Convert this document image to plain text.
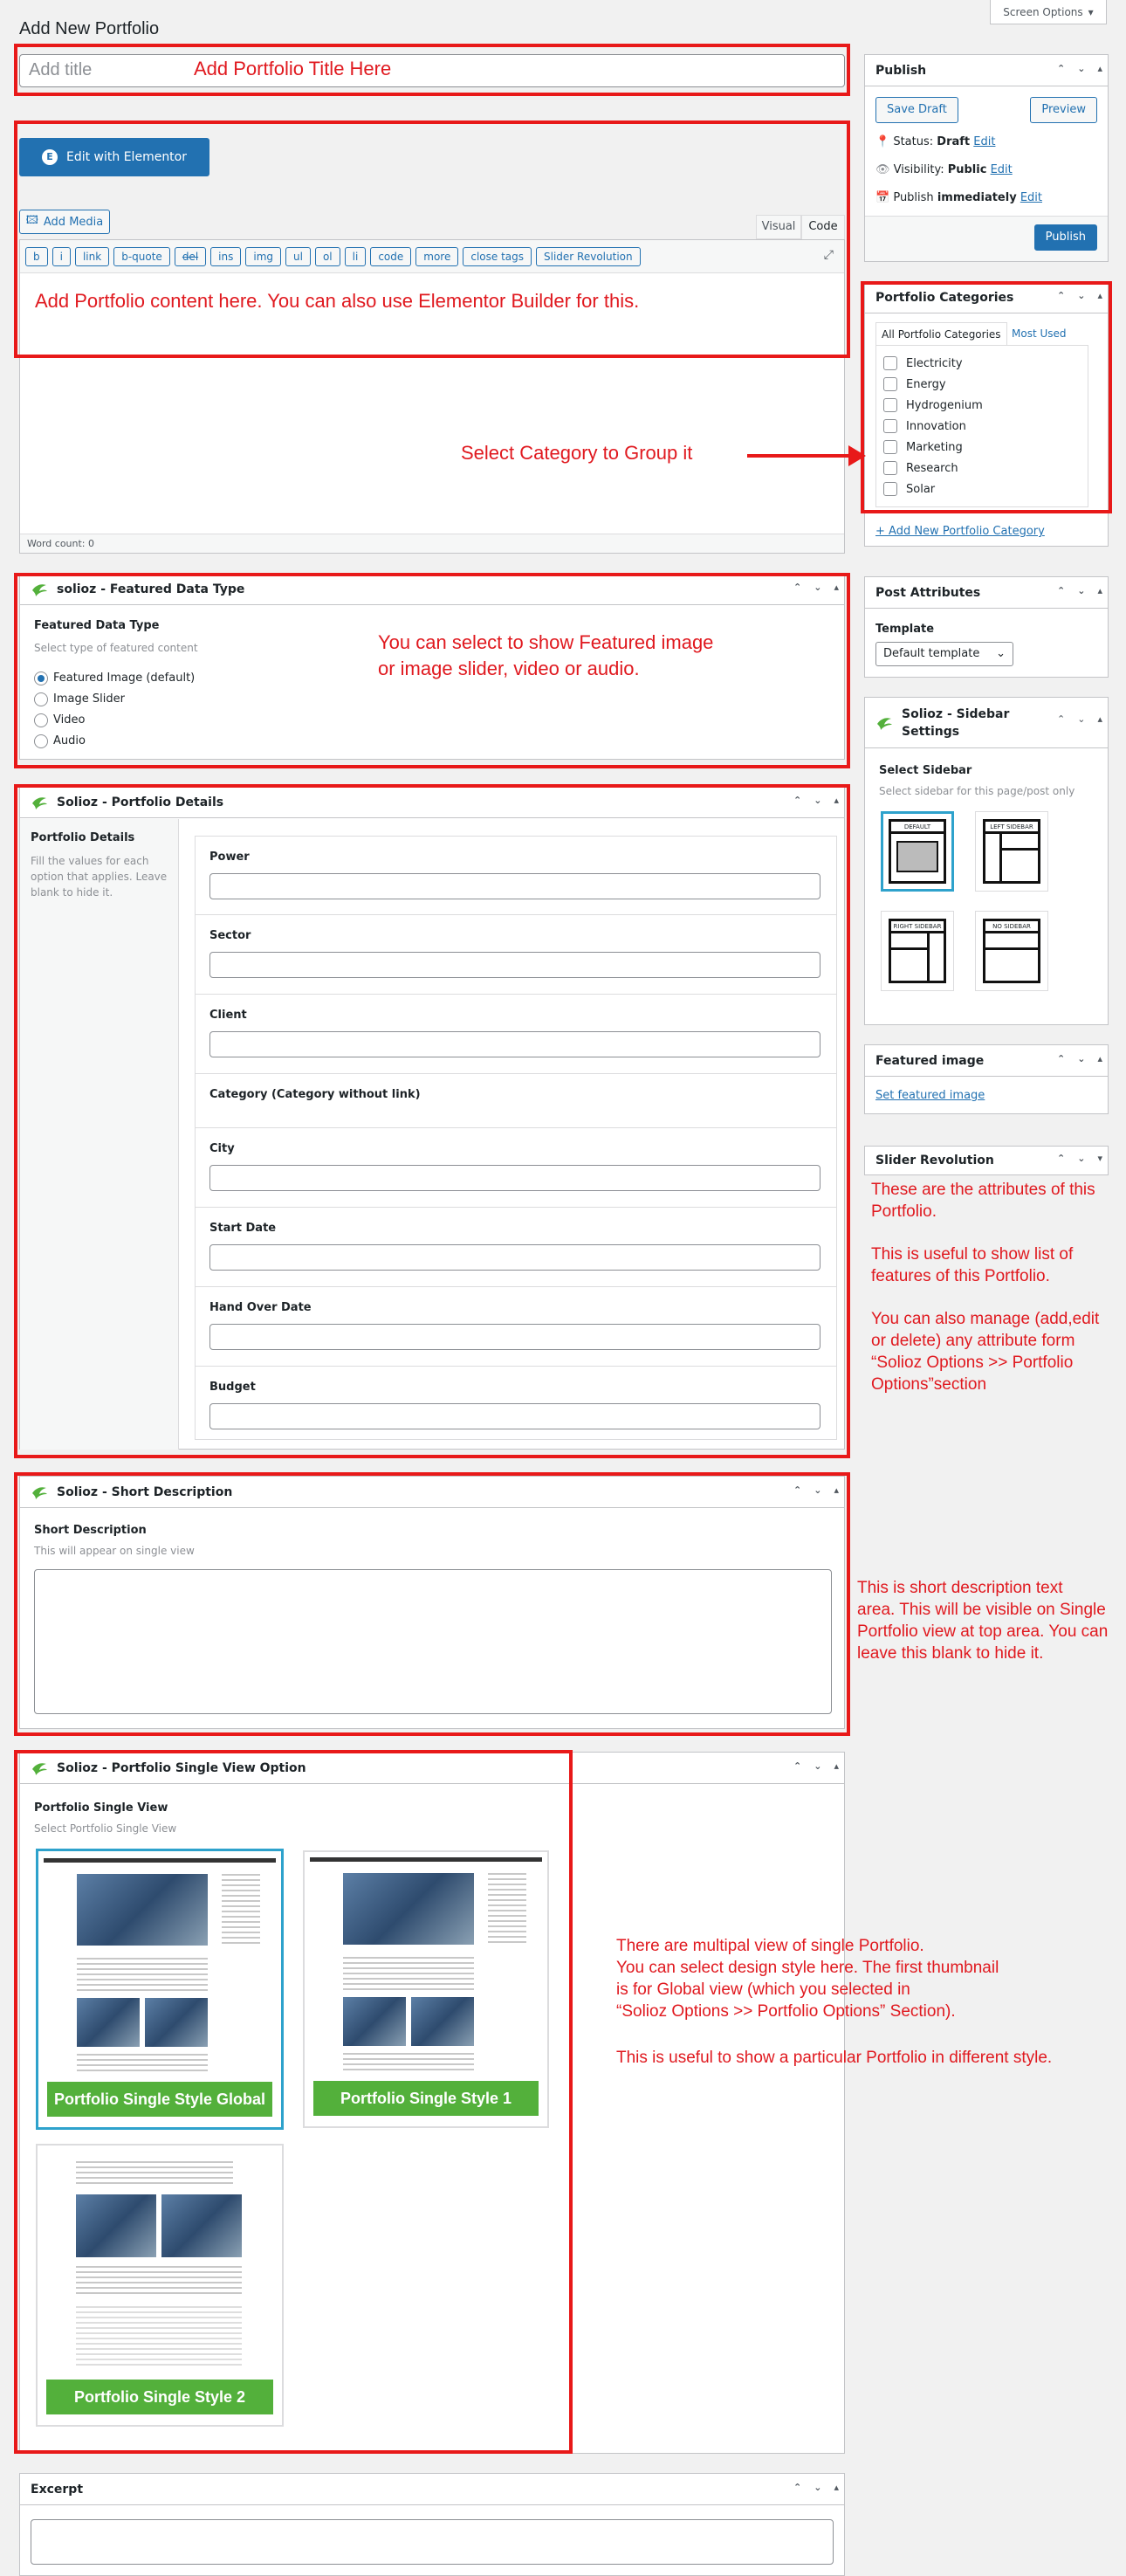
Add New Portfolio
Screen Options ▾
Add title	Add Portfolio Title Here
E	Edit with Elementor
🖾 Add Media	Visual	Code
b i link b-quote del ins img ul ol li code more close tags Slider Revolution	⤢
Word count: 0
Add Portfolio content here. You can also use Elementor Builder for this.
Publish	⌃ ⌄ ▴
Save Draft	Preview
📍 Status: Draft Edit
👁 Visibility: Public Edit
📅 Publish immediately Edit
Publish
Portfolio Categories	⌃ ⌄ ▴
All Portfolio Categories	Most Used
Electricity
Energy
Hydrogenium
Innovation
Marketing
Research
Solar
+ Add New Portfolio Category
Select Category to Group it
Post Attributes	⌃ ⌄ ▴
Template
Default template ⌄
Solioz - Sidebar
Settings
⌃ ⌄ ▴
Select Sidebar
Select sidebar for this page/post only
DEFAULT	LEFT SIDEBAR
RIGHT SIDEBAR	NO SIDEBAR
Featured image	⌃ ⌄ ▴
Set featured image
Slider Revolution	⌃ ⌄ ▾
These are the attributes of this
Portfolio.
This is useful to show list of
features of this Portfolio.
You can also manage (add,edit
or delete) any attribute form
“Solioz Options >> Portfolio
Options”section
solioz - Featured Data Type	⌃ ⌄ ▴
Featured Data Type
Select type of featured content
Featured Image (default)
Image Slider
Video
Audio
You can select to show Featured image
or image slider, video or audio.
Solioz - Portfolio Details	⌃ ⌄ ▴
Portfolio Details
Fill the values for each
option that applies. Leave
blank to hide it.
Power
Sector
Client
Category (Category without link)
City
Start Date
Hand Over Date
Budget
Solioz - Short Description	⌃ ⌄ ▴
Short Description
This will appear on single view
This is short description text
area. This will be visible on Single
Portfolio view at top area. You can
leave this blank to hide it.
Solioz - Portfolio Single View Option	⌃ ⌄ ▴
Portfolio Single View
Select Portfolio Single View
Portfolio Single Style Global	Portfolio Single Style 1
Portfolio Single Style 2
There are multipal view of single Portfolio.
You can select design style here. The first thumbnail
is for Global view (which you selected in
“Solioz Options >> Portfolio Options” Section).
This is useful to show a particular Portfolio in different style.
Excerpt	⌃ ⌄ ▴
